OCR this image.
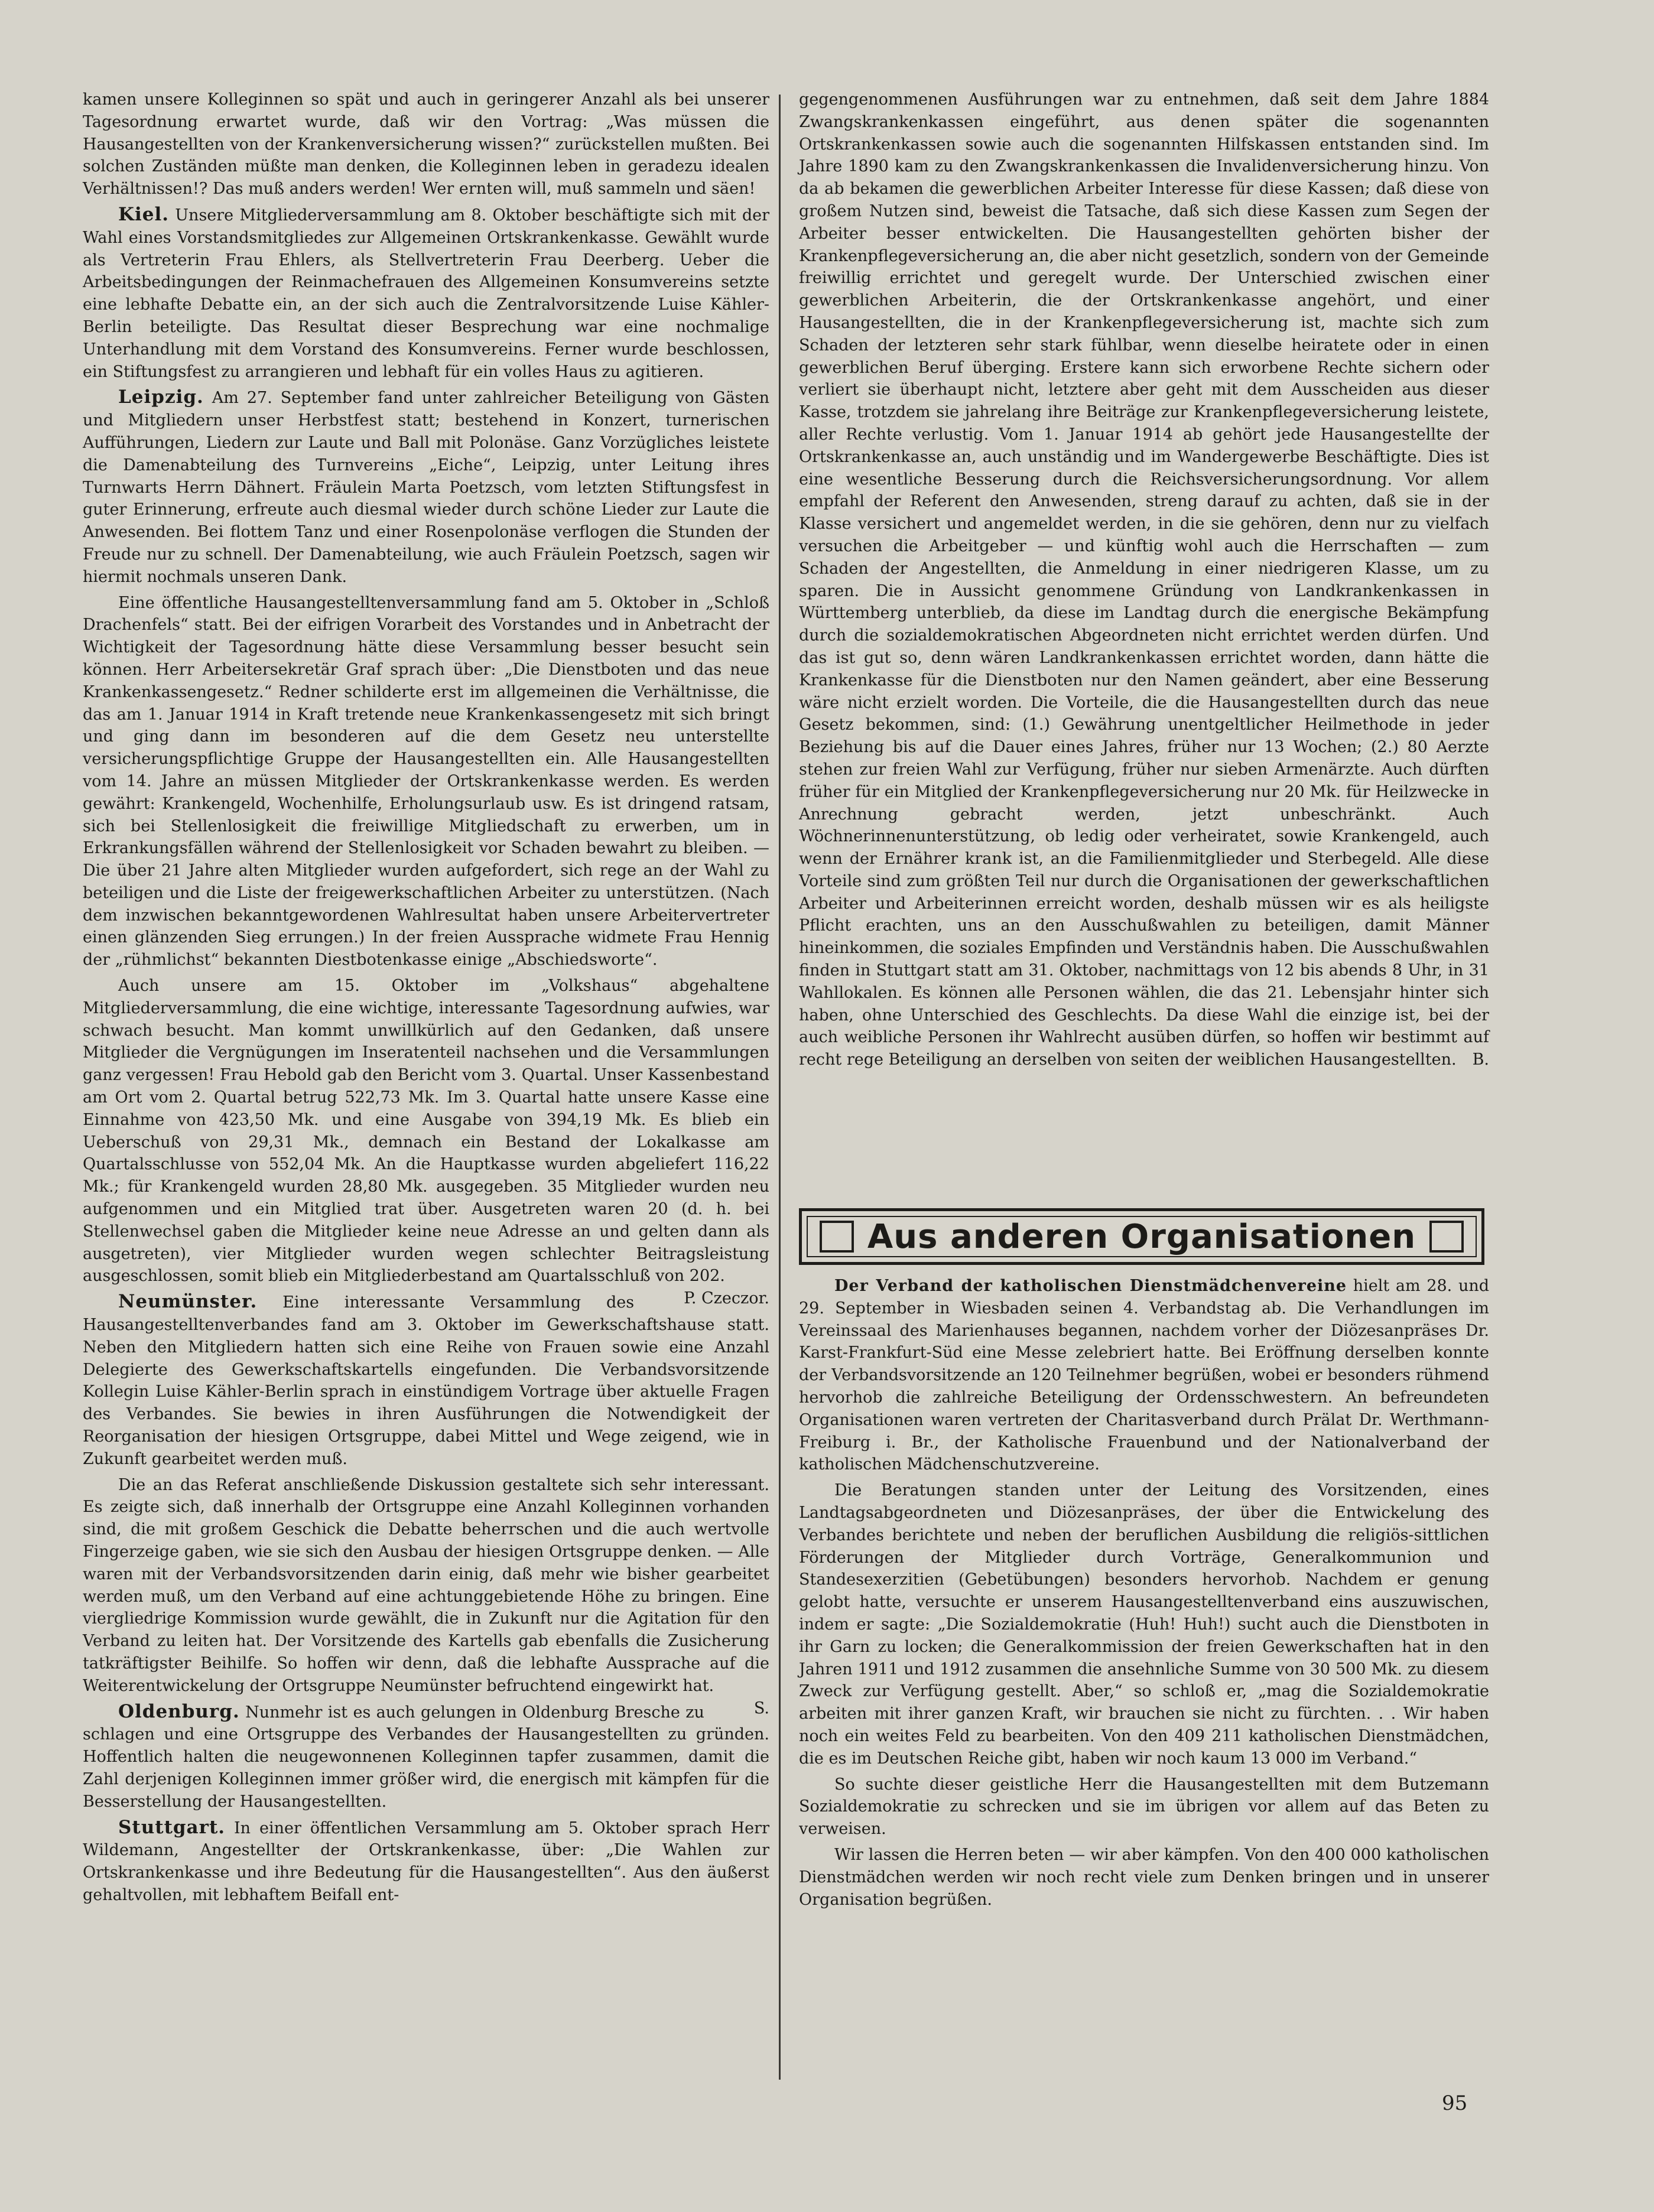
kamen unsere Kolleginnen so spät und auch in geringerer Anzahl als bei unserer Tagesordnung erwartet wurde, daß wir den Vortrag: „Was müssen die Hausangestellten von der Krankenversicherung wissen?“ zurückstellen mußten. Bei solchen Zuständen müßte man denken, die Kolleginnen leben in geradezu idealen Verhältnissen!? Das muß anders werden! Wer ernten will, muß sammeln und säen!

Kiel. Unsere Mitgliederversammlung am 8. Oktober beschäftigte sich mit der Wahl eines Vorstandsmitgliedes zur Allgemeinen Ortskrankenkasse. Gewählt wurde als Vertreterin Frau Ehlers, als Stellvertreterin Frau Deerberg. Ueber die Arbeitsbedingungen der Reinmachefrauen des Allgemeinen Konsumvereins setzte eine lebhafte Debatte ein, an der sich auch die Zentralvorsitzende Luise Kähler-Berlin beteiligte. Das Resultat dieser Besprechung war eine nochmalige Unterhandlung mit dem Vorstand des Konsumvereins. Ferner wurde beschlossen, ein Stiftungsfest zu arrangieren und lebhaft für ein volles Haus zu agitieren.

Leipzig. Am 27. September fand unter zahlreicher Beteiligung von Gästen und Mitgliedern unser Herbstfest statt; bestehend in Konzert, turnerischen Aufführungen, Liedern zur Laute und Ball mit Polonäse. Ganz Vorzügliches leistete die Damenabteilung des Turnvereins „Eiche“, Leipzig, unter Leitung ihres Turnwarts Herrn Dähnert. Fräulein Marta Poetzsch, vom letzten Stiftungsfest in guter Erinnerung, erfreute auch diesmal wieder durch schöne Lieder zur Laute die Anwesenden. Bei flottem Tanz und einer Rosenpolonäse verflogen die Stunden der Freude nur zu schnell. Der Damenabteilung, wie auch Fräulein Poetzsch, sagen wir hiermit nochmals unseren Dank.

Eine öffentliche Hausangestelltenversammlung fand am 5. Oktober in „Schloß Drachenfels“ statt. Bei der eifrigen Vorarbeit des Vorstandes und in Anbetracht der Wichtigkeit der Tagesordnung hätte diese Versammlung besser besucht sein können. Herr Arbeitersekretär Graf sprach über: „Die Dienstboten und das neue Krankenkassengesetz.“ Redner schilderte erst im allgemeinen die Verhältnisse, die das am 1. Januar 1914 in Kraft tretende neue Krankenkassengesetz mit sich bringt und ging dann im besonderen auf die dem Gesetz neu unterstellte versicherungspflichtige Gruppe der Hausangestellten ein. Alle Hausangestellten vom 14. Jahre an müssen Mitglieder der Ortskrankenkasse werden. Es werden gewährt: Krankengeld, Wochenhilfe, Erholungsurlaub usw. Es ist dringend ratsam, sich bei Stellenlosigkeit die freiwillige Mitgliedschaft zu erwerben, um in Erkrankungsfällen während der Stellenlosigkeit vor Schaden bewahrt zu bleiben. — Die über 21 Jahre alten Mitglieder wurden aufgefordert, sich rege an der Wahl zu beteiligen und die Liste der freigewerkschaftlichen Arbeiter zu unterstützen. (Nach dem inzwischen bekanntgewordenen Wahlresultat haben unsere Arbeitervertreter einen glänzenden Sieg errungen.) In der freien Aussprache widmete Frau Hennig der „rühmlichst“ bekannten Diestbotenkasse einige „Abschiedsworte“.

Auch unsere am 15. Oktober im „Volkshaus“ abgehaltene Mitgliederversammlung, die eine wichtige, interessante Tagesordnung aufwies, war schwach besucht. Man kommt unwillkürlich auf den Gedanken, daß unsere Mitglieder die Vergnügungen im Inseratenteil nachsehen und die Versammlungen ganz vergessen! Frau Hebold gab den Bericht vom 3. Quartal. Unser Kassenbestand am Ort vom 2. Quartal betrug 522,73 Mk. Im 3. Quartal hatte unsere Kasse eine Einnahme von 423,50 Mk. und eine Ausgabe von 394,19 Mk. Es blieb ein Ueberschuß von 29,31 Mk., demnach ein Bestand der Lokalkasse am Quartalsschlusse von 552,04 Mk. An die Hauptkasse wurden abgeliefert 116,22 Mk.; für Krankengeld wurden 28,80 Mk. ausgegeben. 35 Mitglieder wurden neu aufgenommen und ein Mitglied trat über. Ausgetreten waren 20 (d. h. bei Stellenwechsel gaben die Mitglieder keine neue Adresse an und gelten dann als ausgetreten), vier Mitglieder wurden wegen schlechter Beitragsleistung ausgeschlossen, somit blieb ein Mitgliederbestand am Quartalsschluß von 202.
P. Czeczor.

Neumünster. Eine interessante Versammlung des Hausangestelltenverbandes fand am 3. Oktober im Gewerkschaftshause statt. Neben den Mitgliedern hatten sich eine Reihe von Frauen sowie eine Anzahl Delegierte des Gewerkschaftskartells eingefunden. Die Verbandsvorsitzende Kollegin Luise Kähler-Berlin sprach in einstündigem Vortrage über aktuelle Fragen des Verbandes. Sie bewies in ihren Ausführungen die Notwendigkeit der Reorganisation der hiesigen Ortsgruppe, dabei Mittel und Wege zeigend, wie in Zukunft gearbeitet werden muß.

Die an das Referat anschließende Diskussion gestaltete sich sehr interessant. Es zeigte sich, daß innerhalb der Ortsgruppe eine Anzahl Kolleginnen vorhanden sind, die mit großem Geschick die Debatte beherrschen und die auch wertvolle Fingerzeige gaben, wie sie sich den Ausbau der hiesigen Ortsgruppe denken. — Alle waren mit der Verbandsvorsitzenden darin einig, daß mehr wie bisher gearbeitet werden muß, um den Verband auf eine achtunggebietende Höhe zu bringen. Eine viergliedrige Kommission wurde gewählt, die in Zukunft nur die Agitation für den Verband zu leiten hat. Der Vorsitzende des Kartells gab ebenfalls die Zusicherung tatkräftigster Beihilfe. So hoffen wir denn, daß die lebhafte Aussprache auf die Weiterentwickelung der Ortsgruppe Neumünster befruchtend eingewirkt hat.
S.

Oldenburg. Nunmehr ist es auch gelungen in Oldenburg Bresche zu schlagen und eine Ortsgruppe des Verbandes der Hausangestellten zu gründen. Hoffentlich halten die neugewonnenen Kolleginnen tapfer zusammen, damit die Zahl derjenigen Kolleginnen immer größer wird, die energisch mit kämpfen für die Besserstellung der Hausangestellten.

Stuttgart. In einer öffentlichen Versammlung am 5. Oktober sprach Herr Wildemann, Angestellter der Ortskrankenkasse, über: „Die Wahlen zur Ortskrankenkasse und ihre Bedeutung für die Hausangestellten“. Aus den äußerst gehaltvollen, mit lebhaftem Beifall ent-

gegengenommenen Ausführungen war zu entnehmen, daß seit dem Jahre 1884 Zwangskrankenkassen eingeführt, aus denen später die sogenannten Ortskrankenkassen sowie auch die sogenannten Hilfskassen entstanden sind. Im Jahre 1890 kam zu den Zwangskrankenkassen die Invalidenversicherung hinzu. Von da ab bekamen die gewerblichen Arbeiter Interesse für diese Kassen; daß diese von großem Nutzen sind, beweist die Tatsache, daß sich diese Kassen zum Segen der Arbeiter besser entwickelten. Die Hausangestellten gehörten bisher der Krankenpflegeversicherung an, die aber nicht gesetzlich, sondern von der Gemeinde freiwillig errichtet und geregelt wurde. Der Unterschied zwischen einer gewerblichen Arbeiterin, die der Ortskrankenkasse angehört, und einer Hausangestellten, die in der Krankenpflegeversicherung ist, machte sich zum Schaden der letzteren sehr stark fühlbar, wenn dieselbe heiratete oder in einen gewerblichen Beruf überging. Erstere kann sich erworbene Rechte sichern oder verliert sie überhaupt nicht, letztere aber geht mit dem Ausscheiden aus dieser Kasse, trotzdem sie jahrelang ihre Beiträge zur Krankenpflegeversicherung leistete, aller Rechte verlustig. Vom 1. Januar 1914 ab gehört jede Hausangestellte der Ortskrankenkasse an, auch unständig und im Wandergewerbe Beschäftigte. Dies ist eine wesentliche Besserung durch die Reichsversicherungsordnung. Vor allem empfahl der Referent den Anwesenden, streng darauf zu achten, daß sie in der Klasse versichert und angemeldet werden, in die sie gehören, denn nur zu vielfach versuchen die Arbeitgeber — und künftig wohl auch die Herrschaften — zum Schaden der Angestellten, die Anmeldung in einer niedrigeren Klasse, um zu sparen. Die in Aussicht genommene Gründung von Landkrankenkassen in Württemberg unterblieb, da diese im Landtag durch die energische Bekämpfung durch die sozialdemokratischen Abgeordneten nicht errichtet werden dürfen. Und das ist gut so, denn wären Landkrankenkassen errichtet worden, dann hätte die Krankenkasse für die Dienstboten nur den Namen geändert, aber eine Besserung wäre nicht erzielt worden. Die Vorteile, die die Hausangestellten durch das neue Gesetz bekommen, sind: (1.) Gewährung unentgeltlicher Heilmethode in jeder Beziehung bis auf die Dauer eines Jahres, früher nur 13 Wochen; (2.) 80 Aerzte stehen zur freien Wahl zur Verfügung, früher nur sieben Armenärzte. Auch dürften früher für ein Mitglied der Krankenpflegeversicherung nur 20 Mk. für Heilzwecke in Anrechnung gebracht werden, jetzt unbeschränkt. Auch Wöchnerinnenunterstützung, ob ledig oder verheiratet, sowie Krankengeld, auch wenn der Ernährer krank ist, an die Familienmitglieder und Sterbegeld. Alle diese Vorteile sind zum größten Teil nur durch die Organisationen der gewerkschaftlichen Arbeiter und Arbeiterinnen erreicht worden, deshalb müssen wir es als heiligste Pflicht erachten, uns an den Ausschußwahlen zu beteiligen, damit Männer hineinkommen, die soziales Empfinden und Verständnis haben. Die Ausschußwahlen finden in Stuttgart statt am 31. Oktober, nachmittags von 12 bis abends 8 Uhr, in 31 Wahllokalen. Es können alle Personen wählen, die das 21. Lebensjahr hinter sich haben, ohne Unterschied des Geschlechts. Da diese Wahl die einzige ist, bei der auch weibliche Personen ihr Wahlrecht ausüben dürfen, so hoffen wir bestimmt auf recht rege Beteiligung an derselben von seiten der weiblichen Hausangestellten. B.

Aus anderen Organisationen

Der Verband der katholischen Dienstmädchenvereine hielt am 28. und 29. September in Wiesbaden seinen 4. Verbandstag ab. Die Verhandlungen im Vereinssaal des Marienhauses begannen, nachdem vorher der Diözesanpräses Dr. Karst-Frankfurt-Süd eine Messe zelebriert hatte. Bei Eröffnung derselben konnte der Verbandsvorsitzende an 120 Teilnehmer begrüßen, wobei er besonders rühmend hervorhob die zahlreiche Beteiligung der Ordensschwestern. An befreundeten Organisationen waren vertreten der Charitasverband durch Prälat Dr. Werthmann-Freiburg i. Br., der Katholische Frauenbund und der Nationalverband der katholischen Mädchenschutzvereine.

Die Beratungen standen unter der Leitung des Vorsitzenden, eines Landtagsabgeordneten und Diözesanpräses, der über die Entwickelung des Verbandes berichtete und neben der beruflichen Ausbildung die religiös-sittlichen Förderungen der Mitglieder durch Vorträge, Generalkommunion und Standesexerzitien (Gebetübungen) besonders hervorhob. Nachdem er genung gelobt hatte, versuchte er unserem Hausangestelltenverband eins auszuwischen, indem er sagte: „Die Sozialdemokratie (Huh! Huh!) sucht auch die Dienstboten in ihr Garn zu locken; die Generalkommission der freien Gewerkschaften hat in den Jahren 1911 und 1912 zusammen die ansehnliche Summe von 30 500 Mk. zu diesem Zweck zur Verfügung gestellt. Aber,“ so schloß er, „mag die Sozialdemokratie arbeiten mit ihrer ganzen Kraft, wir brauchen sie nicht zu fürchten. . . Wir haben noch ein weites Feld zu bearbeiten. Von den 409 211 katholischen Dienstmädchen, die es im Deutschen Reiche gibt, haben wir noch kaum 13 000 im Verband.“

So suchte dieser geistliche Herr die Hausangestellten mit dem Butzemann Sozialdemokratie zu schrecken und sie im übrigen vor allem auf das Beten zu verweisen.

Wir lassen die Herren beten — wir aber kämpfen. Von den 400 000 katholischen Dienstmädchen werden wir noch recht viele zum Denken bringen und in unserer Organisation begrüßen.

95
